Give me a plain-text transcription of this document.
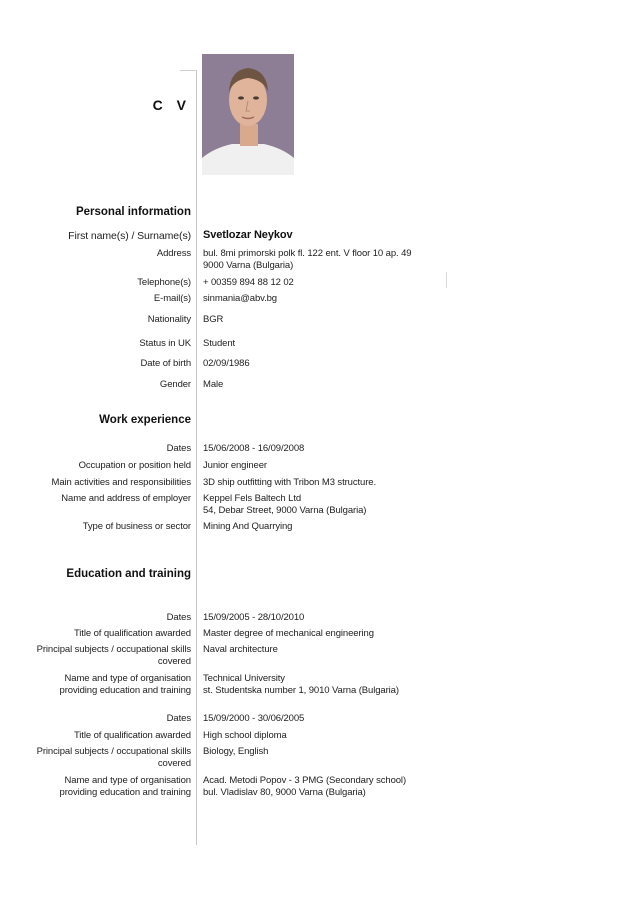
C V
Personal information
First name(s) / Surname(s) Svetlozar Neykov
Address bul. 8mi primorski polk fl. 122 ent. V floor 10 ap. 49
9000 Varna (Bulgaria)
Telephone(s) + 00359 894 88 12 02
E-mail(s) sinmania@abv.bg
Nationality BGR
Status in UK Student
Date of birth 02/09/1986
Gender Male
Work experience
Dates 15/06/2008 - 16/09/2008
Occupation or position held Junior engineer
Main activities and responsibilities 3D ship outfitting with Tribon M3 structure.
Name and address of employer Keppel Fels Baltech Ltd
54, Debar Street, 9000 Varna (Bulgaria)
Type of business or sector Mining And Quarrying
Education and training
Dates 15/09/2005 - 28/10/2010
Title of qualification awarded Master degree of mechanical engineering
Principal subjects / occupational skills
covered
Naval architecture
Name and type of organisation
providing education and training
Technical University
st. Studentska number 1, 9010 Varna (Bulgaria)
Dates 15/09/2000 - 30/06/2005
Title of qualification awarded High school diploma
Principal subjects / occupational skills
covered
Biology, English
Name and type of organisation
providing education and training
Acad. Metodi Popov - 3 PMG (Secondary school)
bul. Vladislav 80, 9000 Varna (Bulgaria)
